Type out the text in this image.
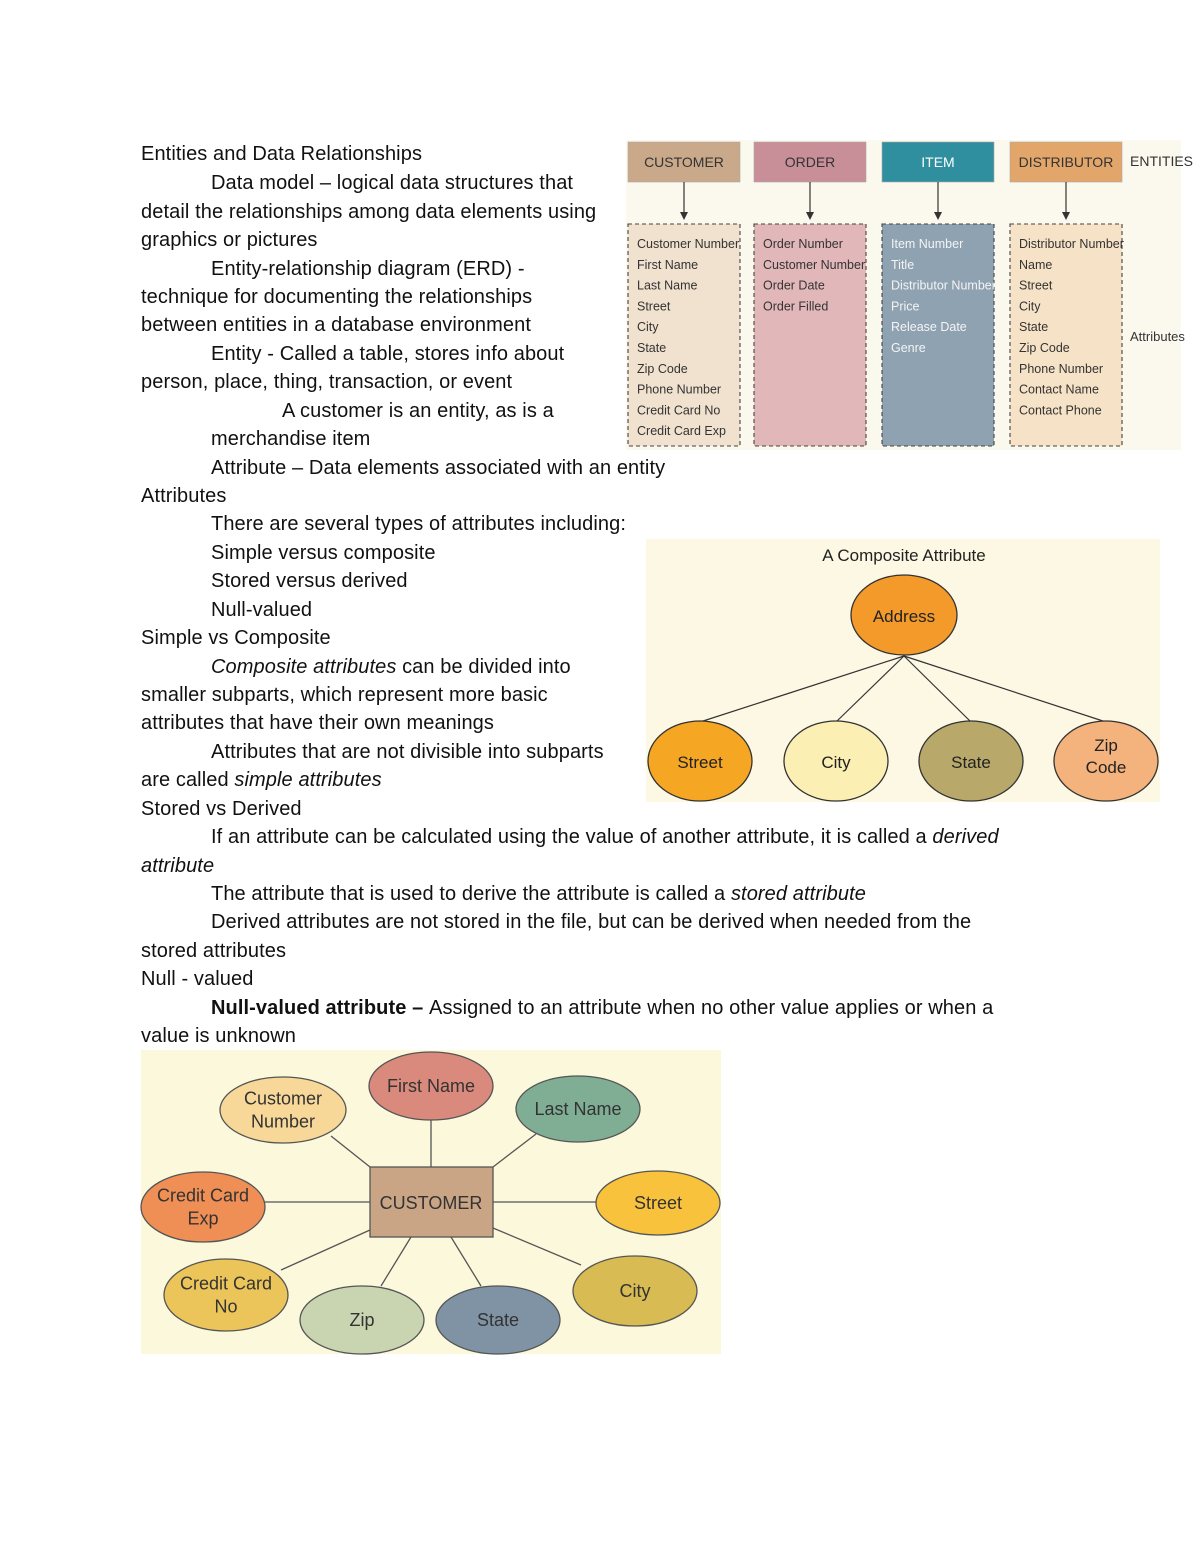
Entities and Data Relationships
Data model – logical data structures that
detail the relationships among data elements using
graphics or pictures
Entity-relationship diagram (ERD) -
technique for documenting the relationships
between entities in a database environment
Entity - Called a table, stores info about
person, place, thing, transaction, or event
A customer is an entity, as is a
merchandise item
Attribute – Data elements associated with an entity
Attributes
There are several types of attributes including:
Simple versus composite
Stored versus derived
Null-valued
Simple vs Composite
Composite attributes can be divided into
smaller subparts, which represent more basic
attributes that have their own meanings
Attributes that are not divisible into subparts
are called simple attributes
Stored vs Derived
If an attribute can be calculated using the value of another attribute, it is called a derived
attribute
The attribute that is used to derive the attribute is called a stored attribute
Derived attributes are not stored in the file, but can be derived when needed from the
stored attributes
Null - valued
Null-valued attribute – Assigned to an attribute when no other value applies or when a
value is unknown
ENTITIES
Attributes
CUSTOMER
Customer Number
First Name
Last Name
Street
City
State
Zip Code
Phone Number
Credit Card No
Credit Card Exp
ORDER
Order Number
Customer Number
Order Date
Order Filled
ITEM
Item Number
Title
Distributor Number
Price
Release Date
Genre
DISTRIBUTOR
Distributor Number
Name
Street
City
State
Zip Code
Phone Number
Contact Name
Contact Phone
A Composite Attribute
Address
Street	City	State
Zip Code
CUSTOMER
Customer Number
First Name
Last Name
Street
City
State
Zip
Credit Card No
Credit Card Exp
